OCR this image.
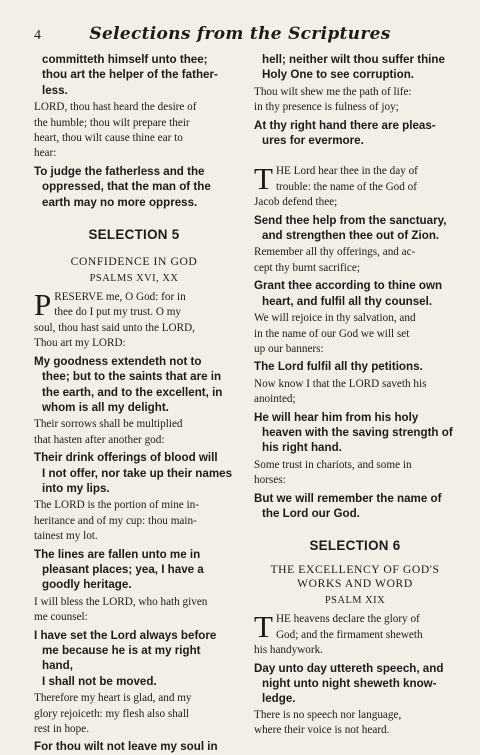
4	Selections from the Scriptures

committeth himself unto thee;
thou art the helper of the father-
less.

LORD, thou hast heard the desire of
the humble; thou wilt prepare their
heart, thou wilt cause thine ear to
hear:

To judge the fatherless and the
oppressed, that the man of the
earth may no more oppress.

SELECTION 5
CONFIDENCE IN GOD
PSALMS XVI, XX

PRESERVE me, O God: for in
thee do I put my trust. O my
soul, thou hast said unto the LORD,
Thou art my LORD:

My goodness extendeth not to
thee; but to the saints that are in
the earth, and to the excellent, in
whom is all my delight.

Their sorrows shall be multiplied
that hasten after another god:

Their drink offerings of blood will
I not offer, nor take up their names
into my lips.

The LORD is the portion of mine in-
heritance and of my cup: thou main-
tainest my lot.

The lines are fallen unto me in
pleasant places; yea, I have a
goodly heritage.

I will bless the LORD, who hath given
me counsel:

I have set the Lord always before
me because he is at my right hand,
I shall not be moved.

Therefore my heart is glad, and my
glory rejoiceth: my flesh also shall
rest in hope.

For thou wilt not leave my soul in

hell; neither wilt thou suffer thine
Holy One to see corruption.

Thou wilt shew me the path of life:
in thy presence is fulness of joy;

At thy right hand there are pleas-
ures for evermore.

THE Lord hear thee in the day of
trouble: the name of the God of
Jacob defend thee;

Send thee help from the sanctuary,
and strengthen thee out of Zion.

Remember all thy offerings, and ac-
cept thy burnt sacrifice;

Grant thee according to thine own
heart, and fulfil all thy counsel.

We will rejoice in thy salvation, and
in the name of our God we will set
up our banners:

The Lord fulfil all thy petitions.

Now know I that the LORD saveth his
anointed;

He will hear him from his holy
heaven with the saving strength of
his right hand.

Some trust in chariots, and some in
horses:

But we will remember the name of
the Lord our God.

SELECTION 6
THE EXCELLENCY OF GOD'S
WORKS AND WORD
PSALM XIX

THE heavens declare the glory of
God; and the firmament sheweth
his handywork.

Day unto day uttereth speech, and
night unto night sheweth know-
ledge.

There is no speech nor language,
where their voice is not heard.
